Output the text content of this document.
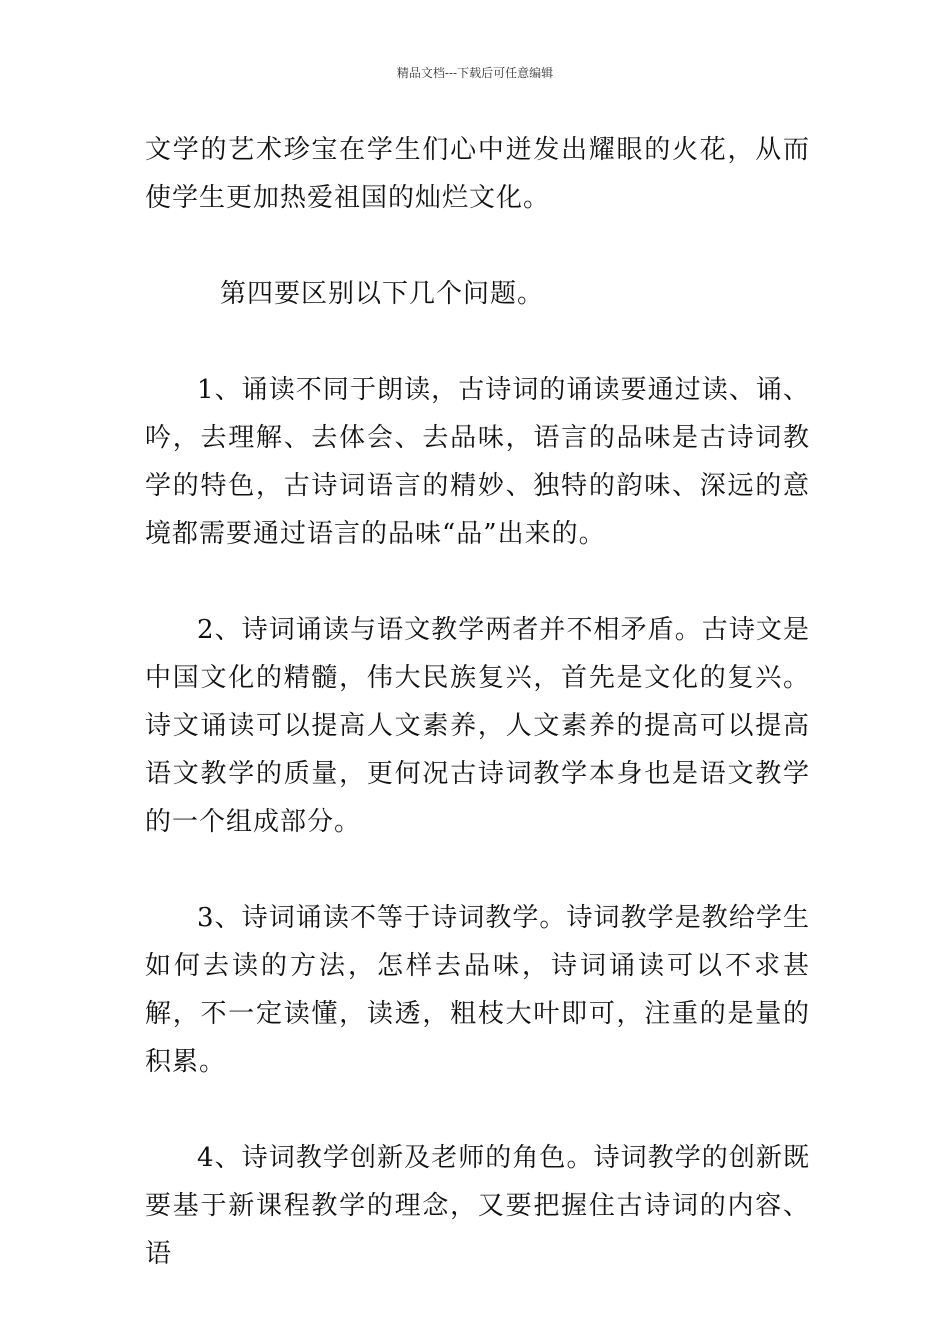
精品文档---下载后可任意编辑

文学的艺术珍宝在学生们心中迸发出耀眼的火花，从而使学生更加热爱祖国的灿烂文化。

第四要区别以下几个问题。

1、诵读不同于朗读，古诗词的诵读要通过读、诵、吟，去理解、去体会、去品味，语言的品味是古诗词教学的特色，古诗词语言的精妙、独特的韵味、深远的意境都需要通过语言的品味“品”出来的。

2、诗词诵读与语文教学两者并不相矛盾。古诗文是中国文化的精髓，伟大民族复兴，首先是文化的复兴。诗文诵读可以提高人文素养，人文素养的提高可以提高语文教学的质量，更何况古诗词教学本身也是语文教学的一个组成部分。

3、诗词诵读不等于诗词教学。诗词教学是教给学生如何去读的方法，怎样去品味，诗词诵读可以不求甚解，不一定读懂，读透，粗枝大叶即可，注重的是量的积累。

4、诗词教学创新及老师的角色。诗词教学的创新既要基于新课程教学的理念，又要把握住古诗词的内容、语
